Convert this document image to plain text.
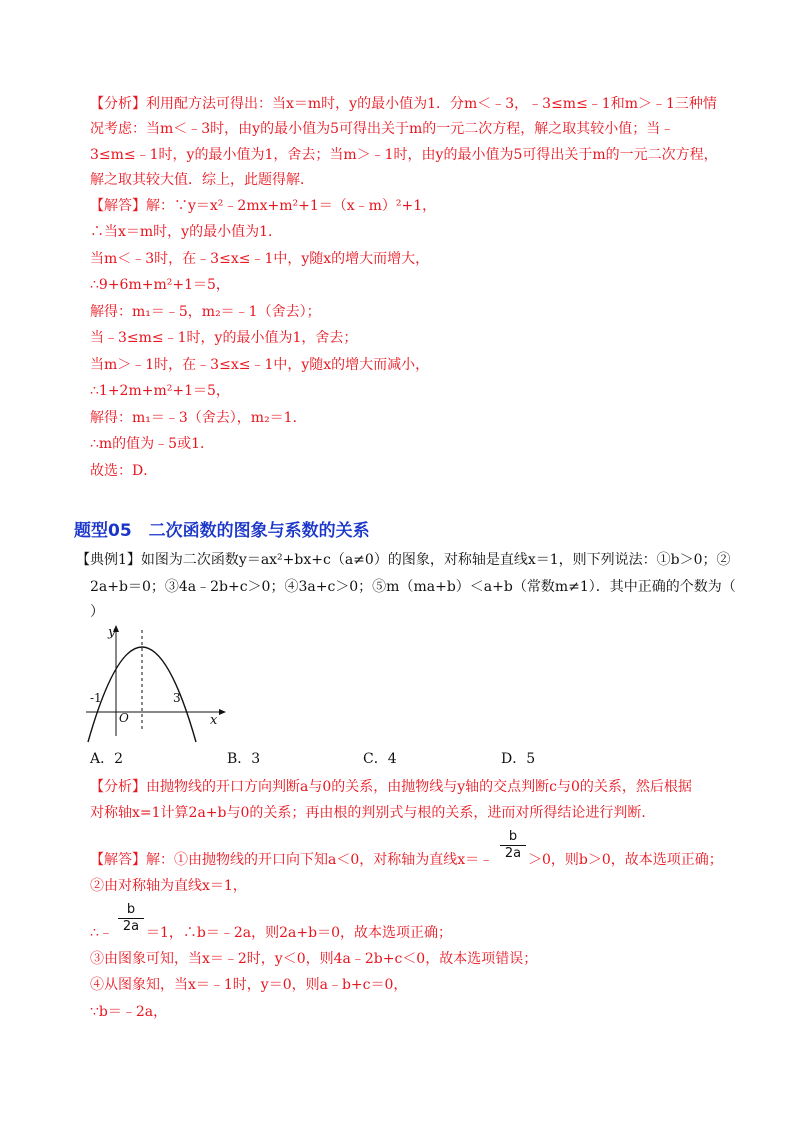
【分析】利用配方法可得出：当x＝m时，y的最小值为1．分m＜﹣3，﹣3≤m≤﹣1和m＞﹣1三种情
况考虑：当m＜﹣3时，由y的最小值为5可得出关于m的一元二次方程，解之取其较小值；当﹣
3≤m≤﹣1时，y的最小值为1，舍去；当m＞﹣1时，由y的最小值为5可得出关于m的一元二次方程，
解之取其较大值．综上，此题得解．
【解答】解：∵y＝x²﹣2mx+m²+1＝（x﹣m）²+1，
∴当x＝m时，y的最小值为1．
当m＜﹣3时，在﹣3≤x≤﹣1中，y随x的增大而增大，
∴9+6m+m²+1＝5，
解得：m₁＝﹣5，m₂＝﹣1（舍去）；
当﹣3≤m≤﹣1时，y的最小值为1，舍去；
当m＞﹣1时，在﹣3≤x≤﹣1中，y随x的增大而减小，
∴1+2m+m²+1＝5，
解得：m₁＝﹣3（舍去），m₂＝1．
∴m的值为﹣5或1．
故选：D．
题型05　二次函数的图象与系数的关系
【典例1】如图为二次函数y＝ax²+bx+c（a≠0）的图象，对称轴是直线x＝1，则下列说法：①b＞0；②
2a+b＝0；③4a﹣2b+c＞0；④3a+c＞0；⑤m（ma+b）＜a+b（常数m≠1）．其中正确的个数为（
）
y
x
O
-1	3
A．2	B．3	C．4	D．5
【分析】由抛物线的开口方向判断a与0的关系，由抛物线与y轴的交点判断c与0的关系，然后根据
对称轴x=1计算2a+b与0的关系；再由根的判别式与根的关系，进而对所得结论进行判断．
【解答】解：①由抛物线的开口向下知a＜0，对称轴为直线x＝﹣
b
2a ＞0，则b＞0，故本选项正确；
②由对称轴为直线x＝1，
∴﹣
b
2a ＝1，∴b＝﹣2a，则2a+b＝0，故本选项正确；
③由图象可知，当x＝﹣2时，y＜0，则4a﹣2b+c＜0，故本选项错误；
④从图象知，当x＝﹣1时，y＝0，则a﹣b+c＝0，
∵b＝﹣2a，
